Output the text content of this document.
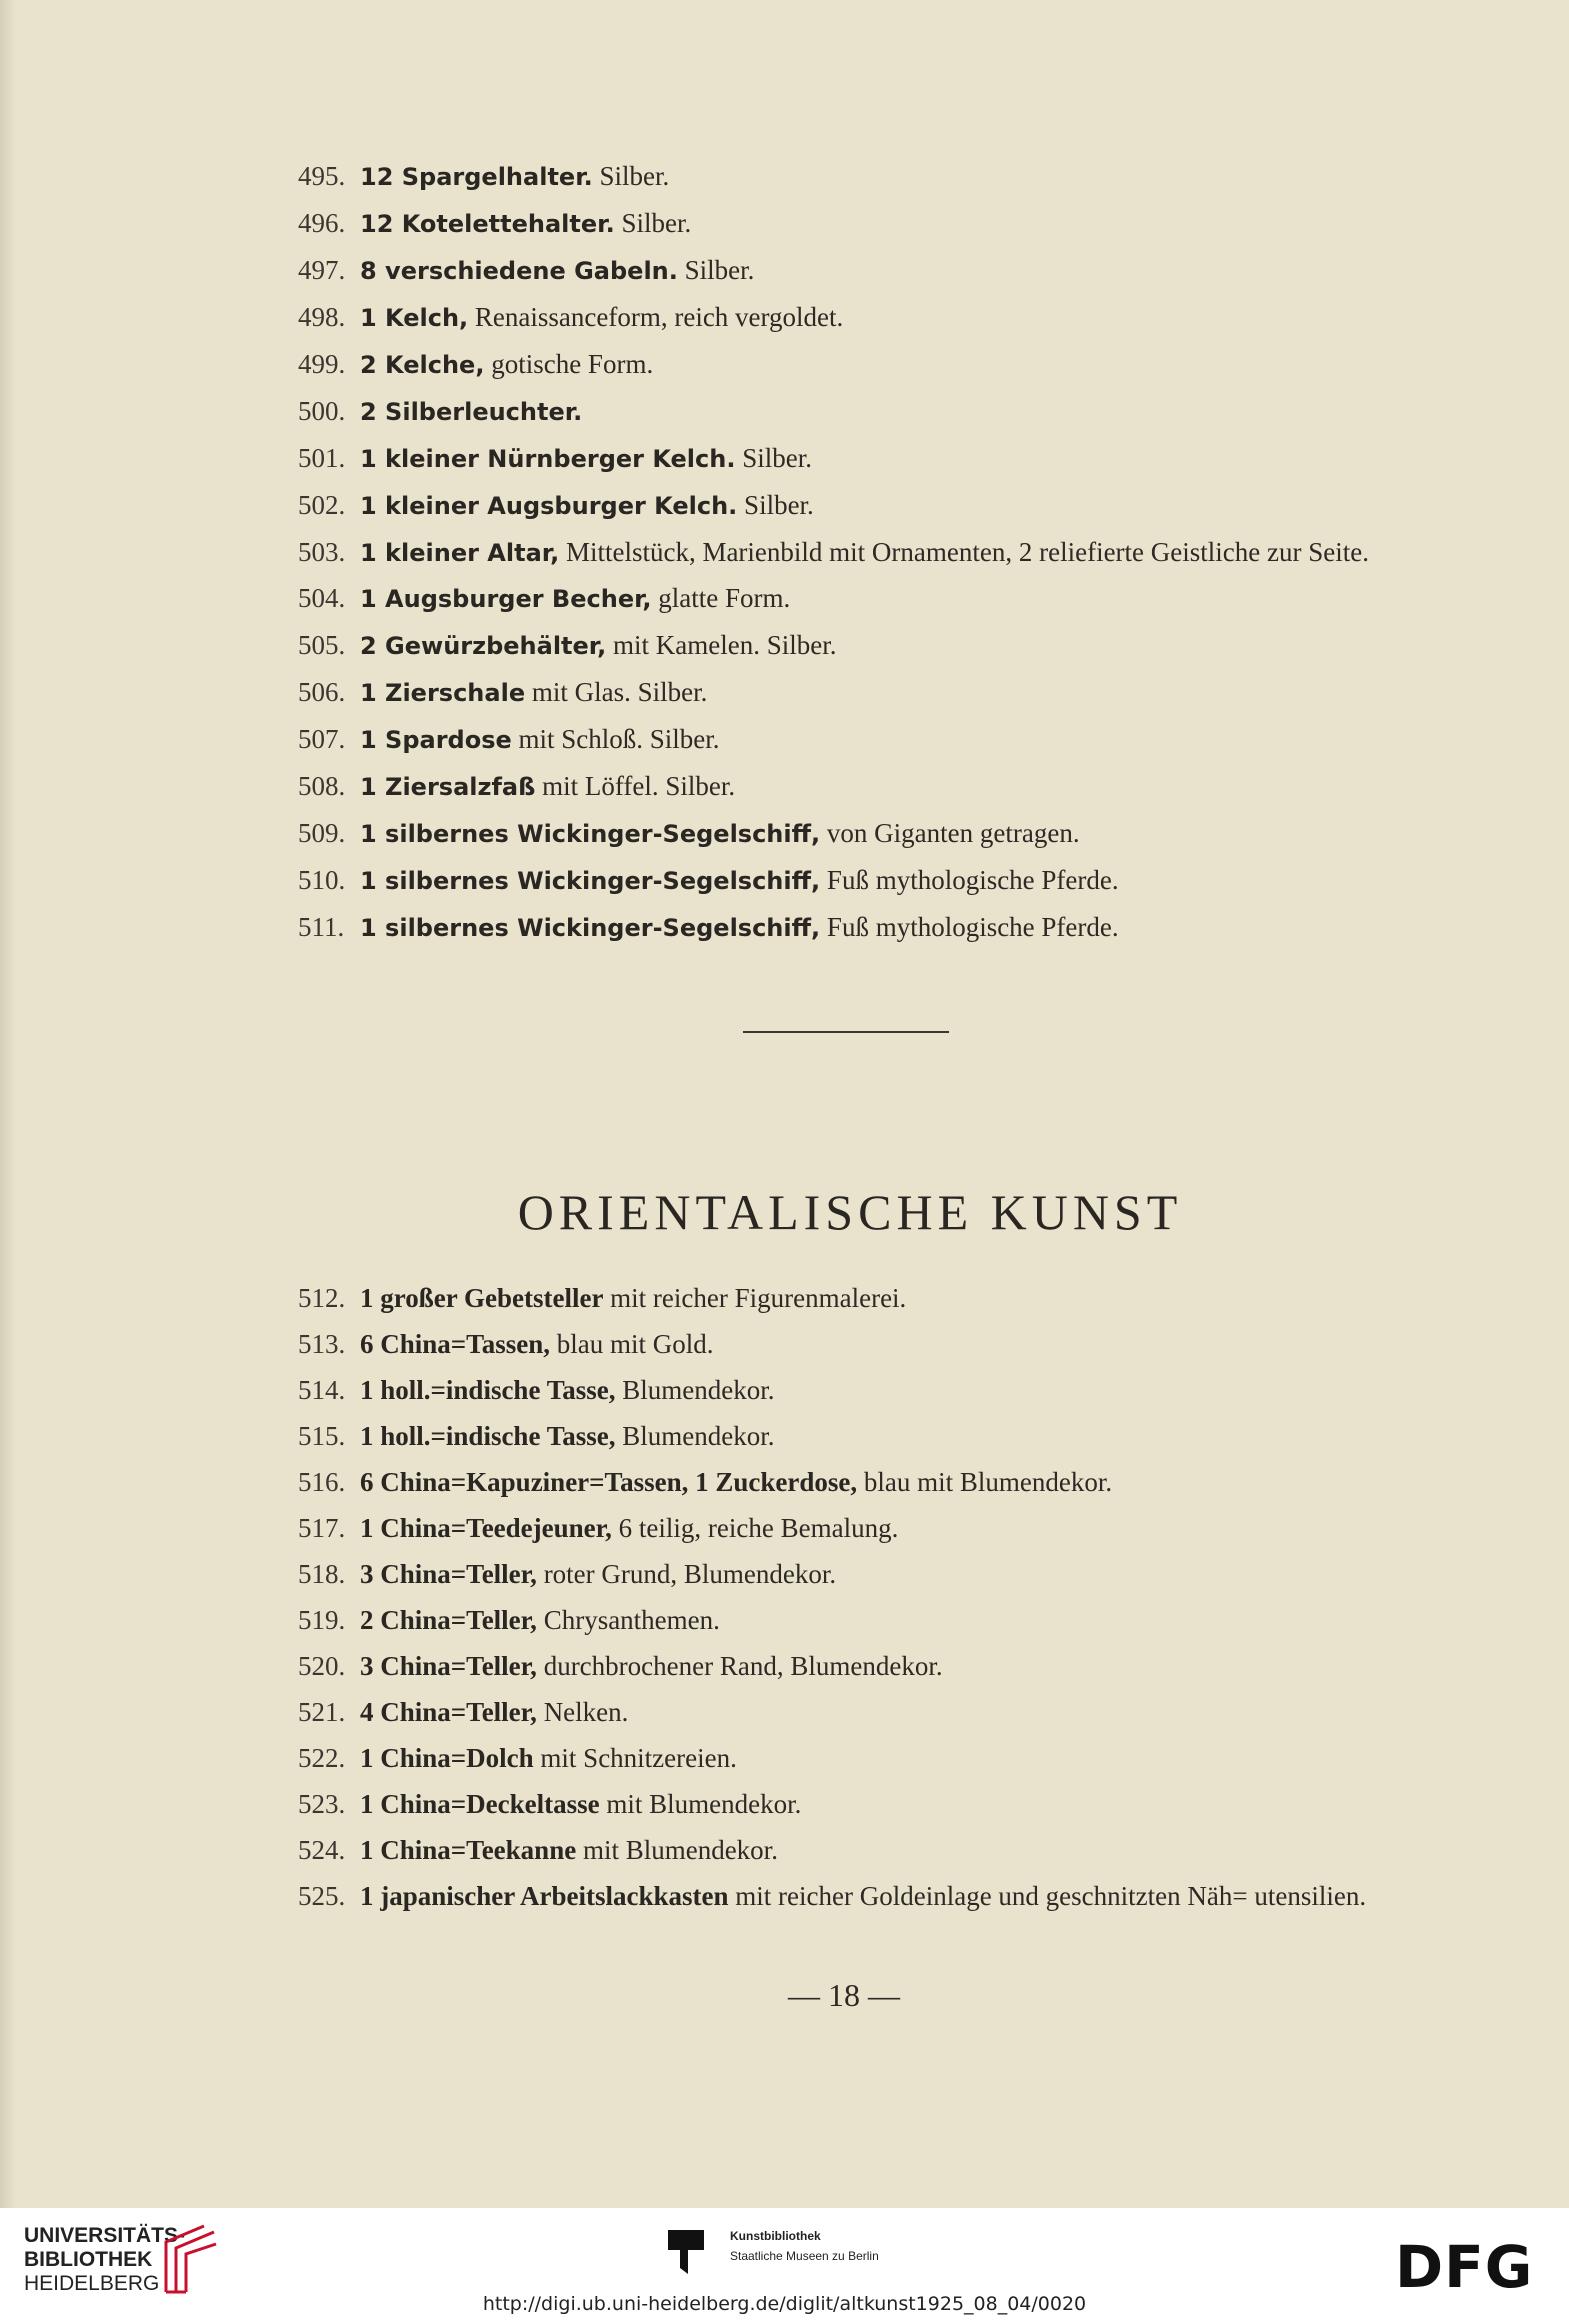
495. 12 Spargelhalter. Silber.
496. 12 Kotelettehalter. Silber.
497. 8 verschiedene Gabeln. Silber.
498. 1 Kelch, Renaissanceform, reich vergoldet.
499. 2 Kelche, gotische Form.
500. 2 Silberleuchter.
501. 1 kleiner Nürnberger Kelch. Silber.
502. 1 kleiner Augsburger Kelch. Silber.
503. 1 kleiner Altar, Mittelstück, Marienbild mit Ornamenten, 2 reliefierte Geistliche zur Seite.
504. 1 Augsburger Becher, glatte Form.
505. 2 Gewürzbehälter, mit Kamelen. Silber.
506. 1 Zierschale mit Glas. Silber.
507. 1 Spardose mit Schloß. Silber.
508. 1 Ziersalzfaß mit Löffel. Silber.
509. 1 silbernes Wickinger-Segelschiff, von Giganten getragen.
510. 1 silbernes Wickinger-Segelschiff, Fuß mythologische Pferde.
511. 1 silbernes Wickinger-Segelschiff, Fuß mythologische Pferde.
ORIENTALISCHE KUNST
512. 1 großer Gebetsteller mit reicher Figurenmalerei.
513. 6 China=Tassen, blau mit Gold.
514. 1 holl.=indische Tasse, Blumendekor.
515. 1 holl.=indische Tasse, Blumendekor.
516. 6 China=Kapuziner=Tassen, 1 Zuckerdose, blau mit Blumendekor.
517. 1 China=Teedejeuner, 6 teilig, reiche Bemalung.
518. 3 China=Teller, roter Grund, Blumendekor.
519. 2 China=Teller, Chrysanthemen.
520. 3 China=Teller, durchbrochener Rand, Blumendekor.
521. 4 China=Teller, Nelken.
522. 1 China=Dolch mit Schnitzereien.
523. 1 China=Deckeltasse mit Blumendekor.
524. 1 China=Teekanne mit Blumendekor.
525. 1 japanischer Arbeitslackkasten mit reicher Goldeinlage und geschnitzten Näh= utensilien.
— 18 —
UNIVERSITÄTS-
BIBLIOTHEK
HEIDELBERG
Kunstbibliothek
Staatliche Museen zu Berlin	DFG
http://digi.ub.uni-heidelberg.de/diglit/altkunst1925_08_04/0020
